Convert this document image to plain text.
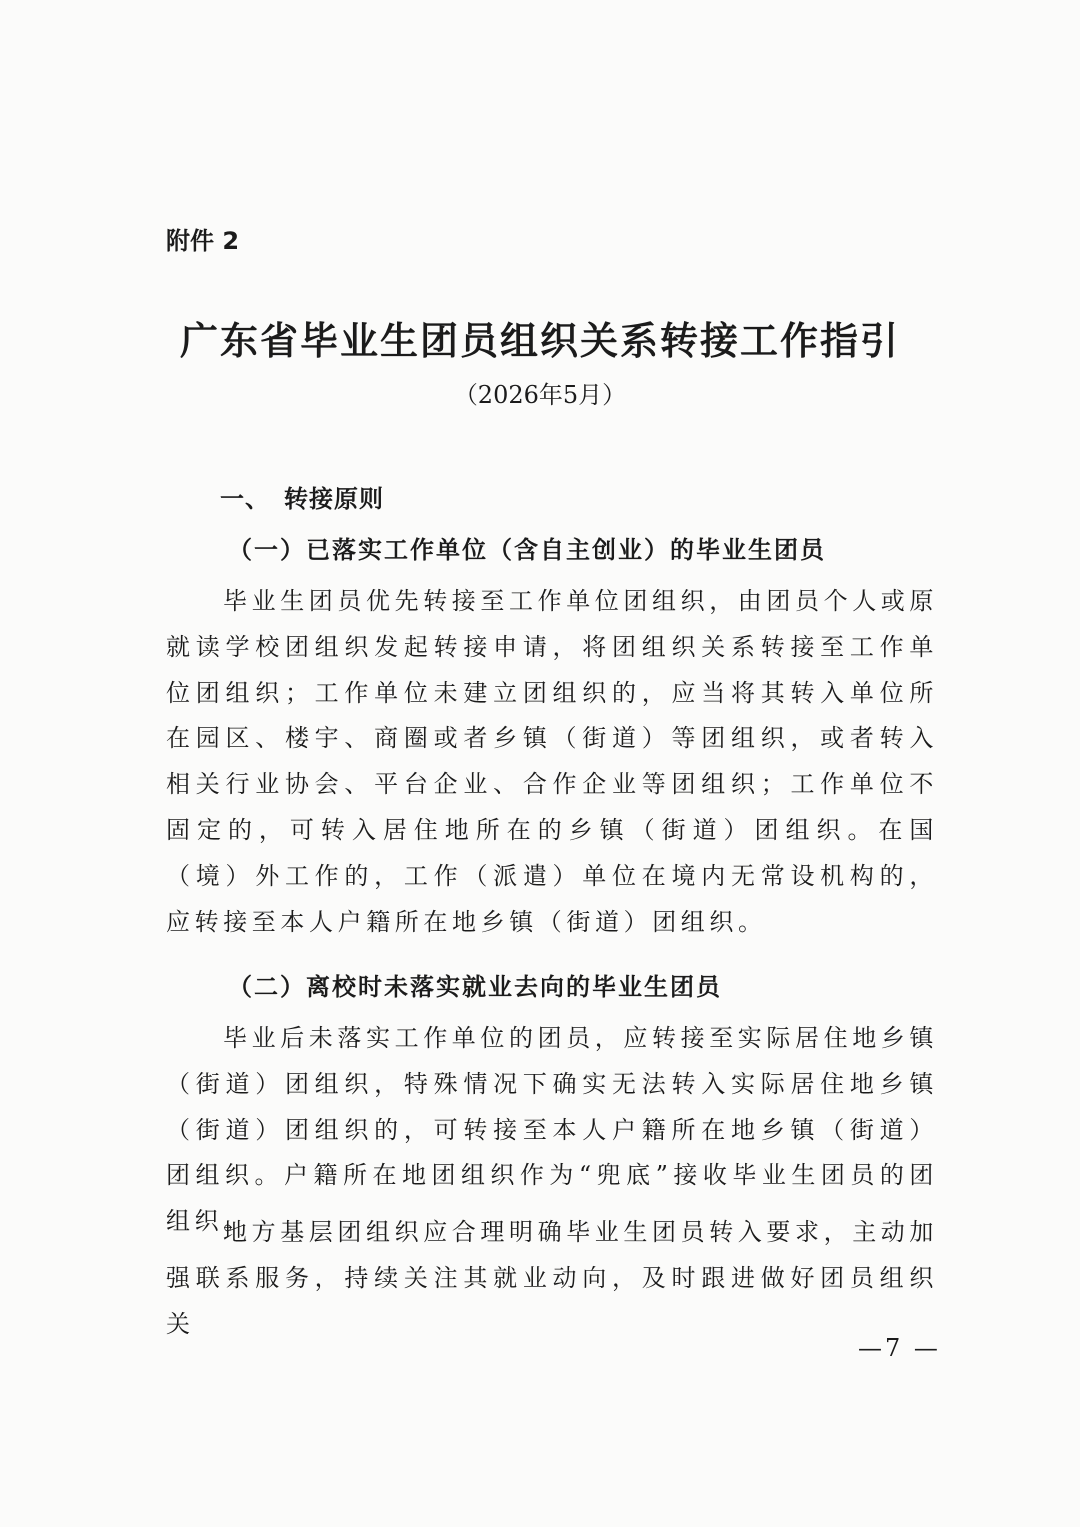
附件 2

广东省毕业生团员组织关系转接工作指引

（2026年5月）

一、 转接原则
（一）已落实工作单位（含自主创业）的毕业生团员

毕业生团员优先转接至工作单位团组织，由团员个人或原就读学校团组织发起转接申请，将团组织关系转接至工作单位团组织；工作单位未建立团组织的，应当将其转入单位所在园区、楼宇、商圈或者乡镇（街道）等团组织，或者转入相关行业协会、平台企业、合作企业等团组织；工作单位不固定的，可转入居住地所在的乡镇（街道）团组织。在国（境）外工作的，工作（派遣）单位在境内无常设机构的，应转接至本人户籍所在地乡镇（街道）团组织。

（二）离校时未落实就业去向的毕业生团员

毕业后未落实工作单位的团员，应转接至实际居住地乡镇（街道）团组织，特殊情况下确实无法转入实际居住地乡镇（街道）团组织的，可转接至本人户籍所在地乡镇（街道）团组织。户籍所在地团组织作为“兜底”接收毕业生团员的团组织。

地方基层团组织应合理明确毕业生团员转入要求，主动加强联系服务，持续关注其就业动向，及时跟进做好团员组织关

—7 —
